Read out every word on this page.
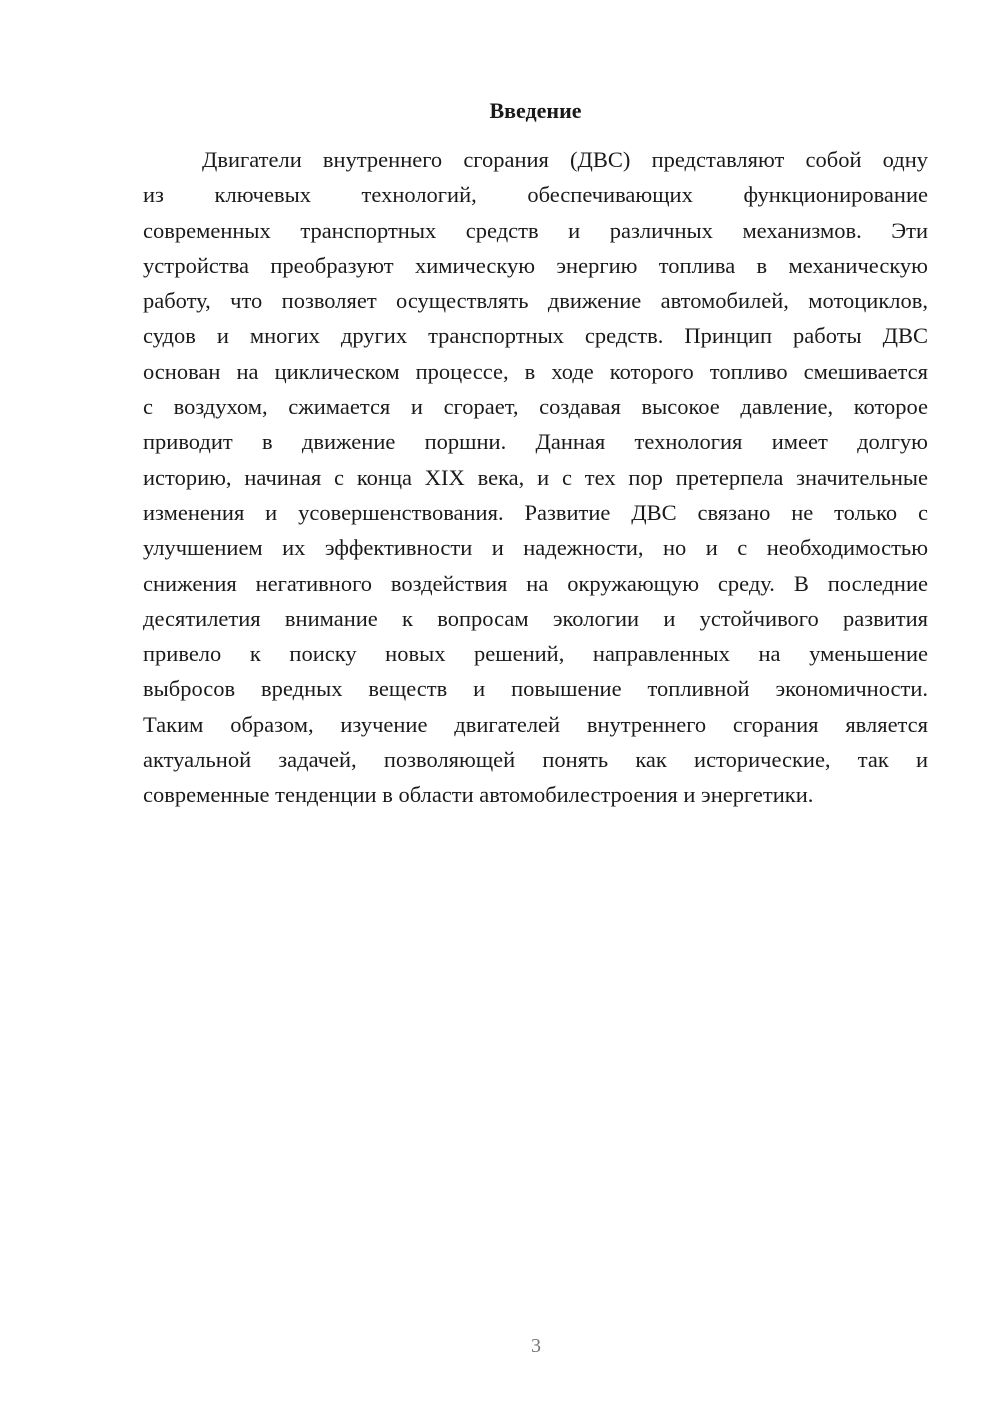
Введение
Двигатели внутреннего сгорания (ДВС) представляют собой одну
из ключевых технологий, обеспечивающих функционирование
современных транспортных средств и различных механизмов. Эти
устройства преобразуют химическую энергию топлива в механическую
работу, что позволяет осуществлять движение автомобилей, мотоциклов,
судов и многих других транспортных средств. Принцип работы ДВС
основан на циклическом процессе, в ходе которого топливо смешивается
с воздухом, сжимается и сгорает, создавая высокое давление, которое
приводит в движение поршни. Данная технология имеет долгую
историю, начиная с конца XIX века, и с тех пор претерпела значительные
изменения и усовершенствования. Развитие ДВС связано не только с
улучшением их эффективности и надежности, но и с необходимостью
снижения негативного воздействия на окружающую среду. В последние
десятилетия внимание к вопросам экологии и устойчивого развития
привело к поиску новых решений, направленных на уменьшение
выбросов вредных веществ и повышение топливной экономичности.
Таким образом, изучение двигателей внутреннего сгорания является
актуальной задачей, позволяющей понять как исторические, так и
современные тенденции в области автомобилестроения и энергетики.
3
